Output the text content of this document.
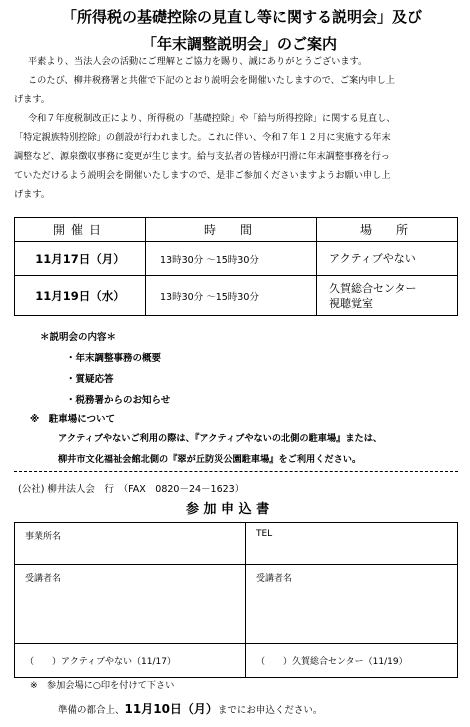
「所得税の基礎控除の見直し等に関する説明会」及び
「年末調整説明会」のご案内
平素より、当法人会の活動にご理解とご協力を賜り、誠にありがとうございます。
このたび、柳井税務署と共催で下記のとおり説明会を開催いたしますので、ご案内申し上
げます。
令和７年度税制改正により、所得税の「基礎控除」や「給与所得控除」に関する見直し、
「特定親族特別控除」の創設が行われました。これに伴い、令和７年１２月に実施する年末
調整など、源泉徴収事務に変更が生じます。給与支払者の皆様が円滑に年末調整事務を行っ
ていただけるよう説明会を開催いたしますので、是非ご参加くださいますようお願い申し上
げます。
開催日	時　間	場　所
11月17日（月）	13時30分 ～15時30分	アクティブやない
11月19日（水）	13時30分 ～15時30分	久賀総合センター
視聴覚室
＊説明会の内容＊
・年末調整事務の概要
・質疑応答
・税務署からのお知らせ
※　駐車場について
アクティブやないご利用の際は、『アクティブやないの北側の駐車場』または、
柳井市文化福祉会館北側の『翠が丘防災公園駐車場』をご利用ください。
(公社) 柳井法人会　行　（FAX　0820－24－1623）
参 加 申 込 書
事業所名	TEL
受講者名	受講者名
（　　）アクティブやない（11/17）	（　　）久賀総合センター（11/19）
※　参加会場に○印を付けて下さい
準備の都合上、11月10日（月）までにお申込ください。
